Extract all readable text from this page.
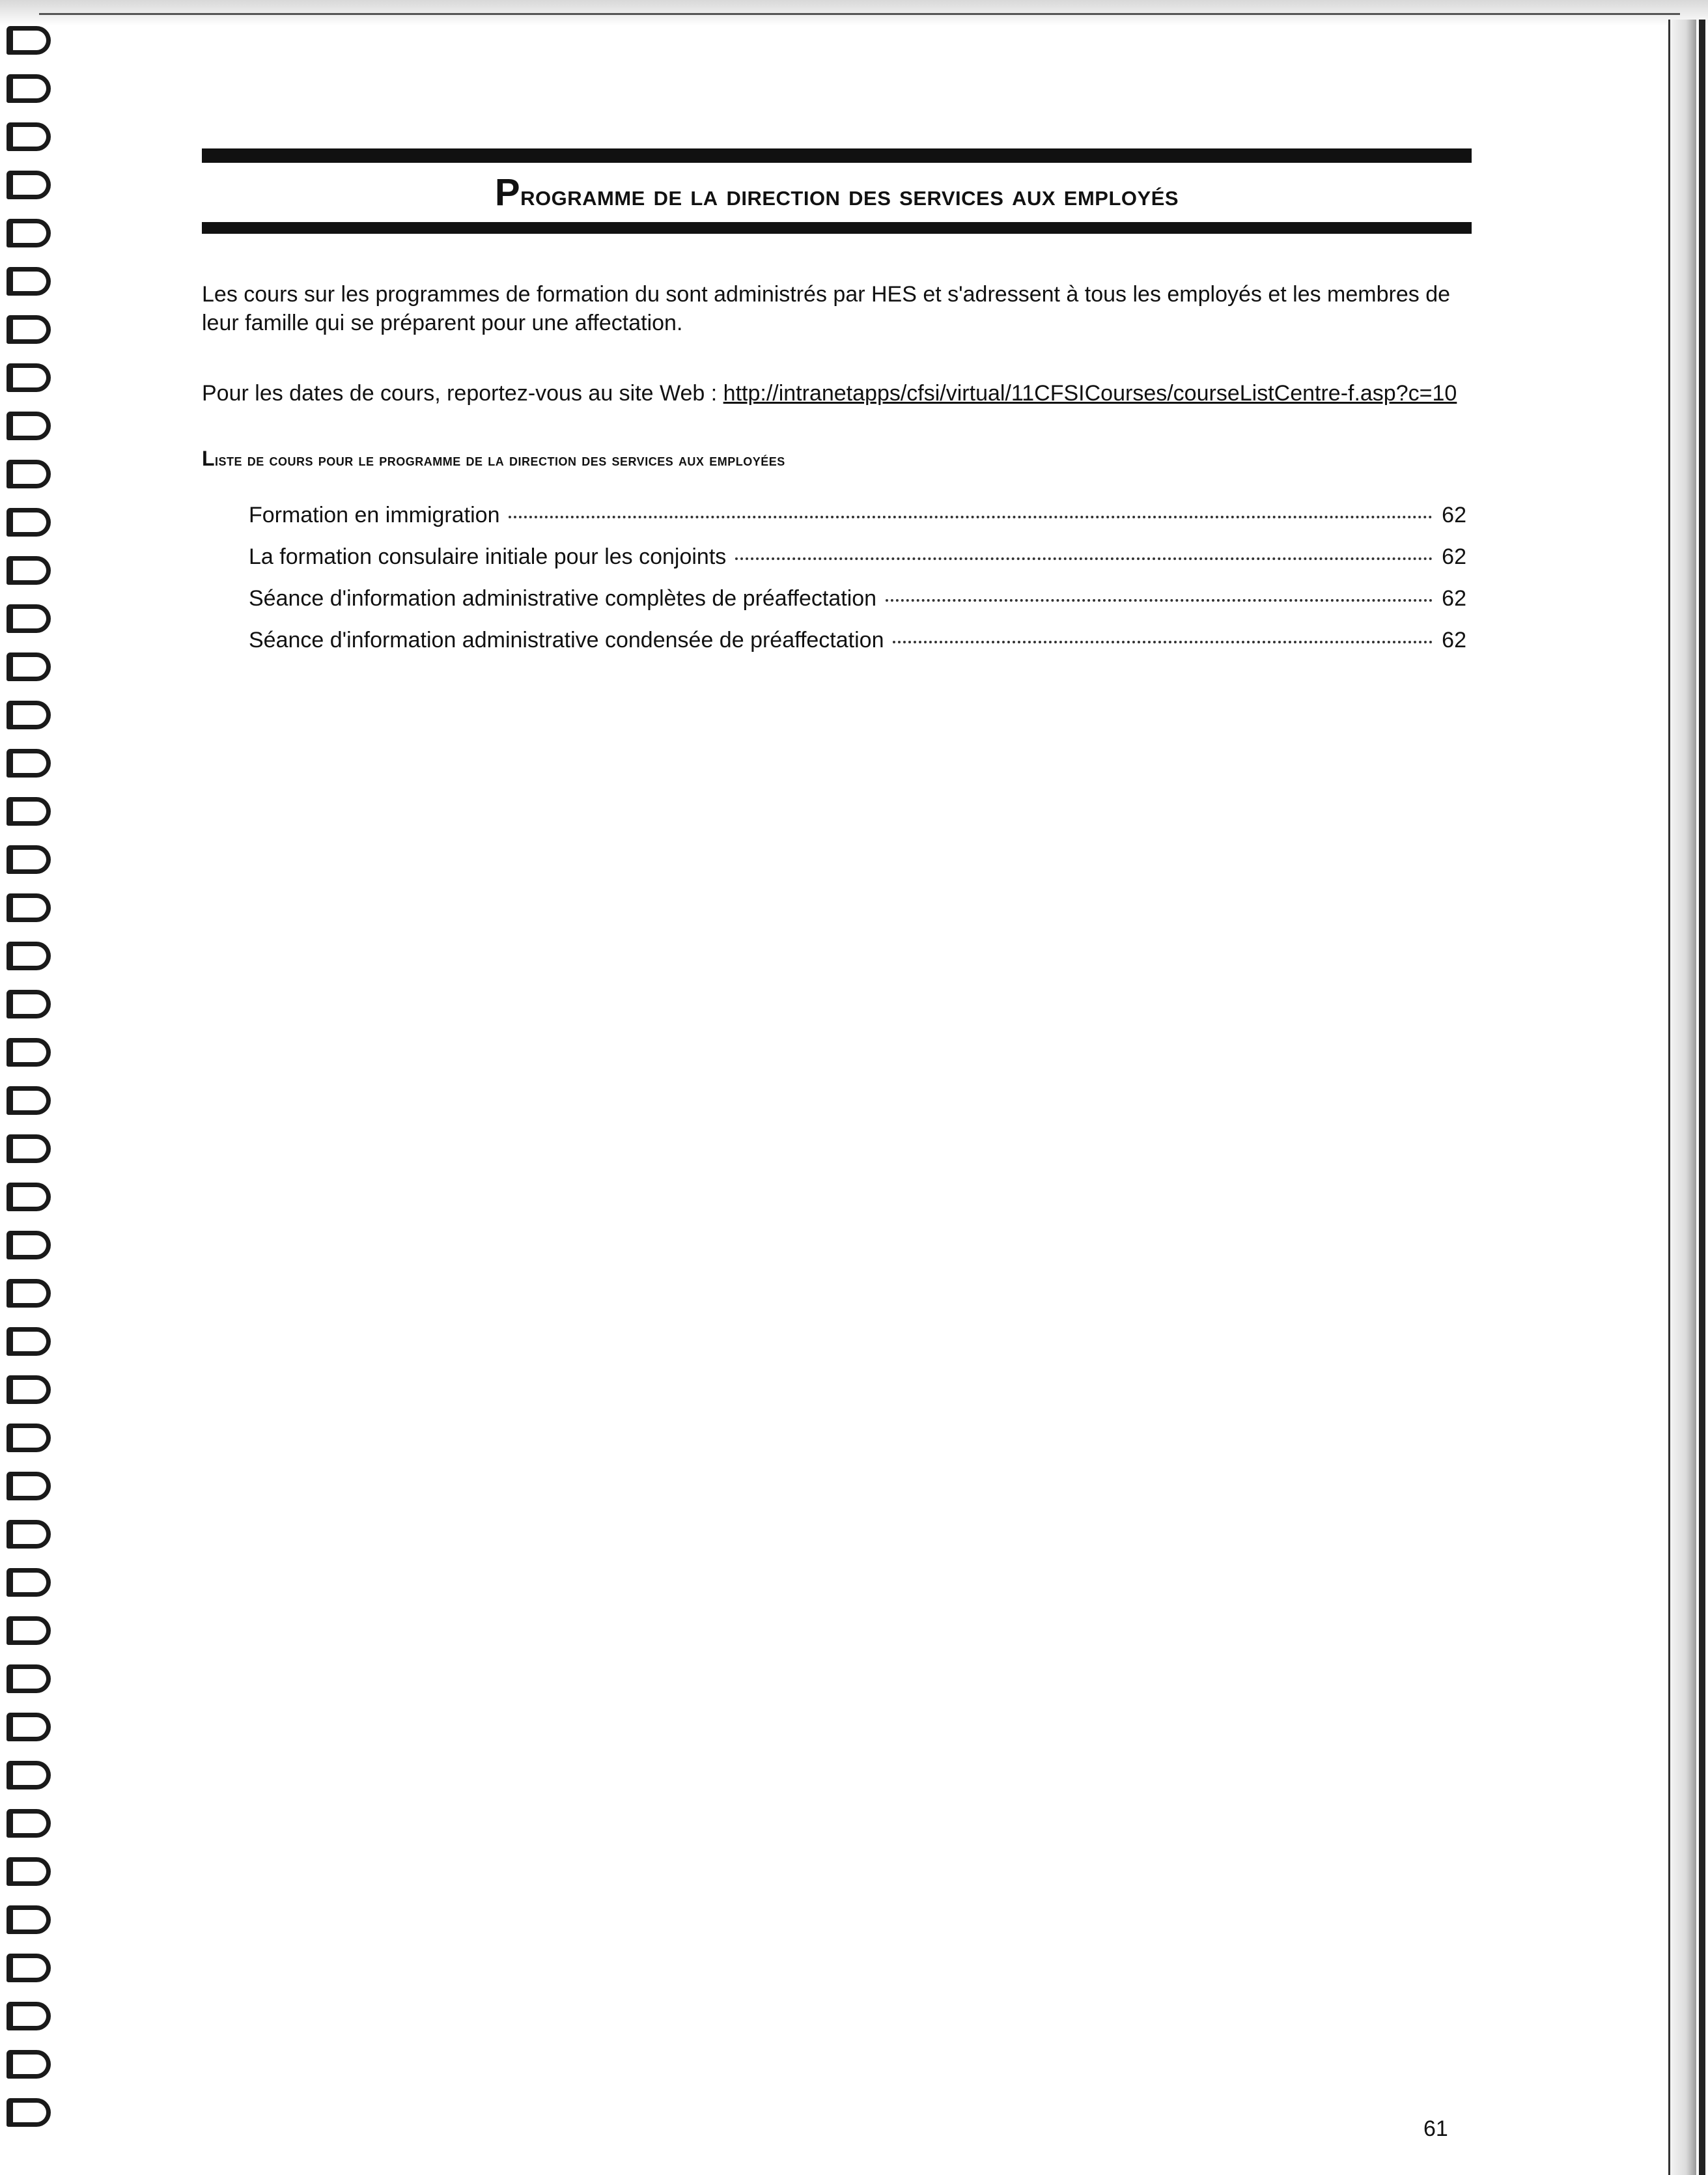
Programme de la direction des services aux employés

Les cours sur les programmes de formation du sont administrés par HES et s'adressent à tous les employés et les membres de leur famille qui se préparent pour une affectation.

Pour les dates de cours, reportez-vous au site Web : http://intranetapps/cfsi/virtual/11CFSICourses/courseListCentre-f.asp?c=10

Liste de cours pour le programme de la direction des services aux employées
Formation en immigration	62
La formation consulaire initiale pour les conjoints	62
Séance d'information administrative complètes de préaffectation	62
Séance d'information administrative condensée de préaffectation	62
61
